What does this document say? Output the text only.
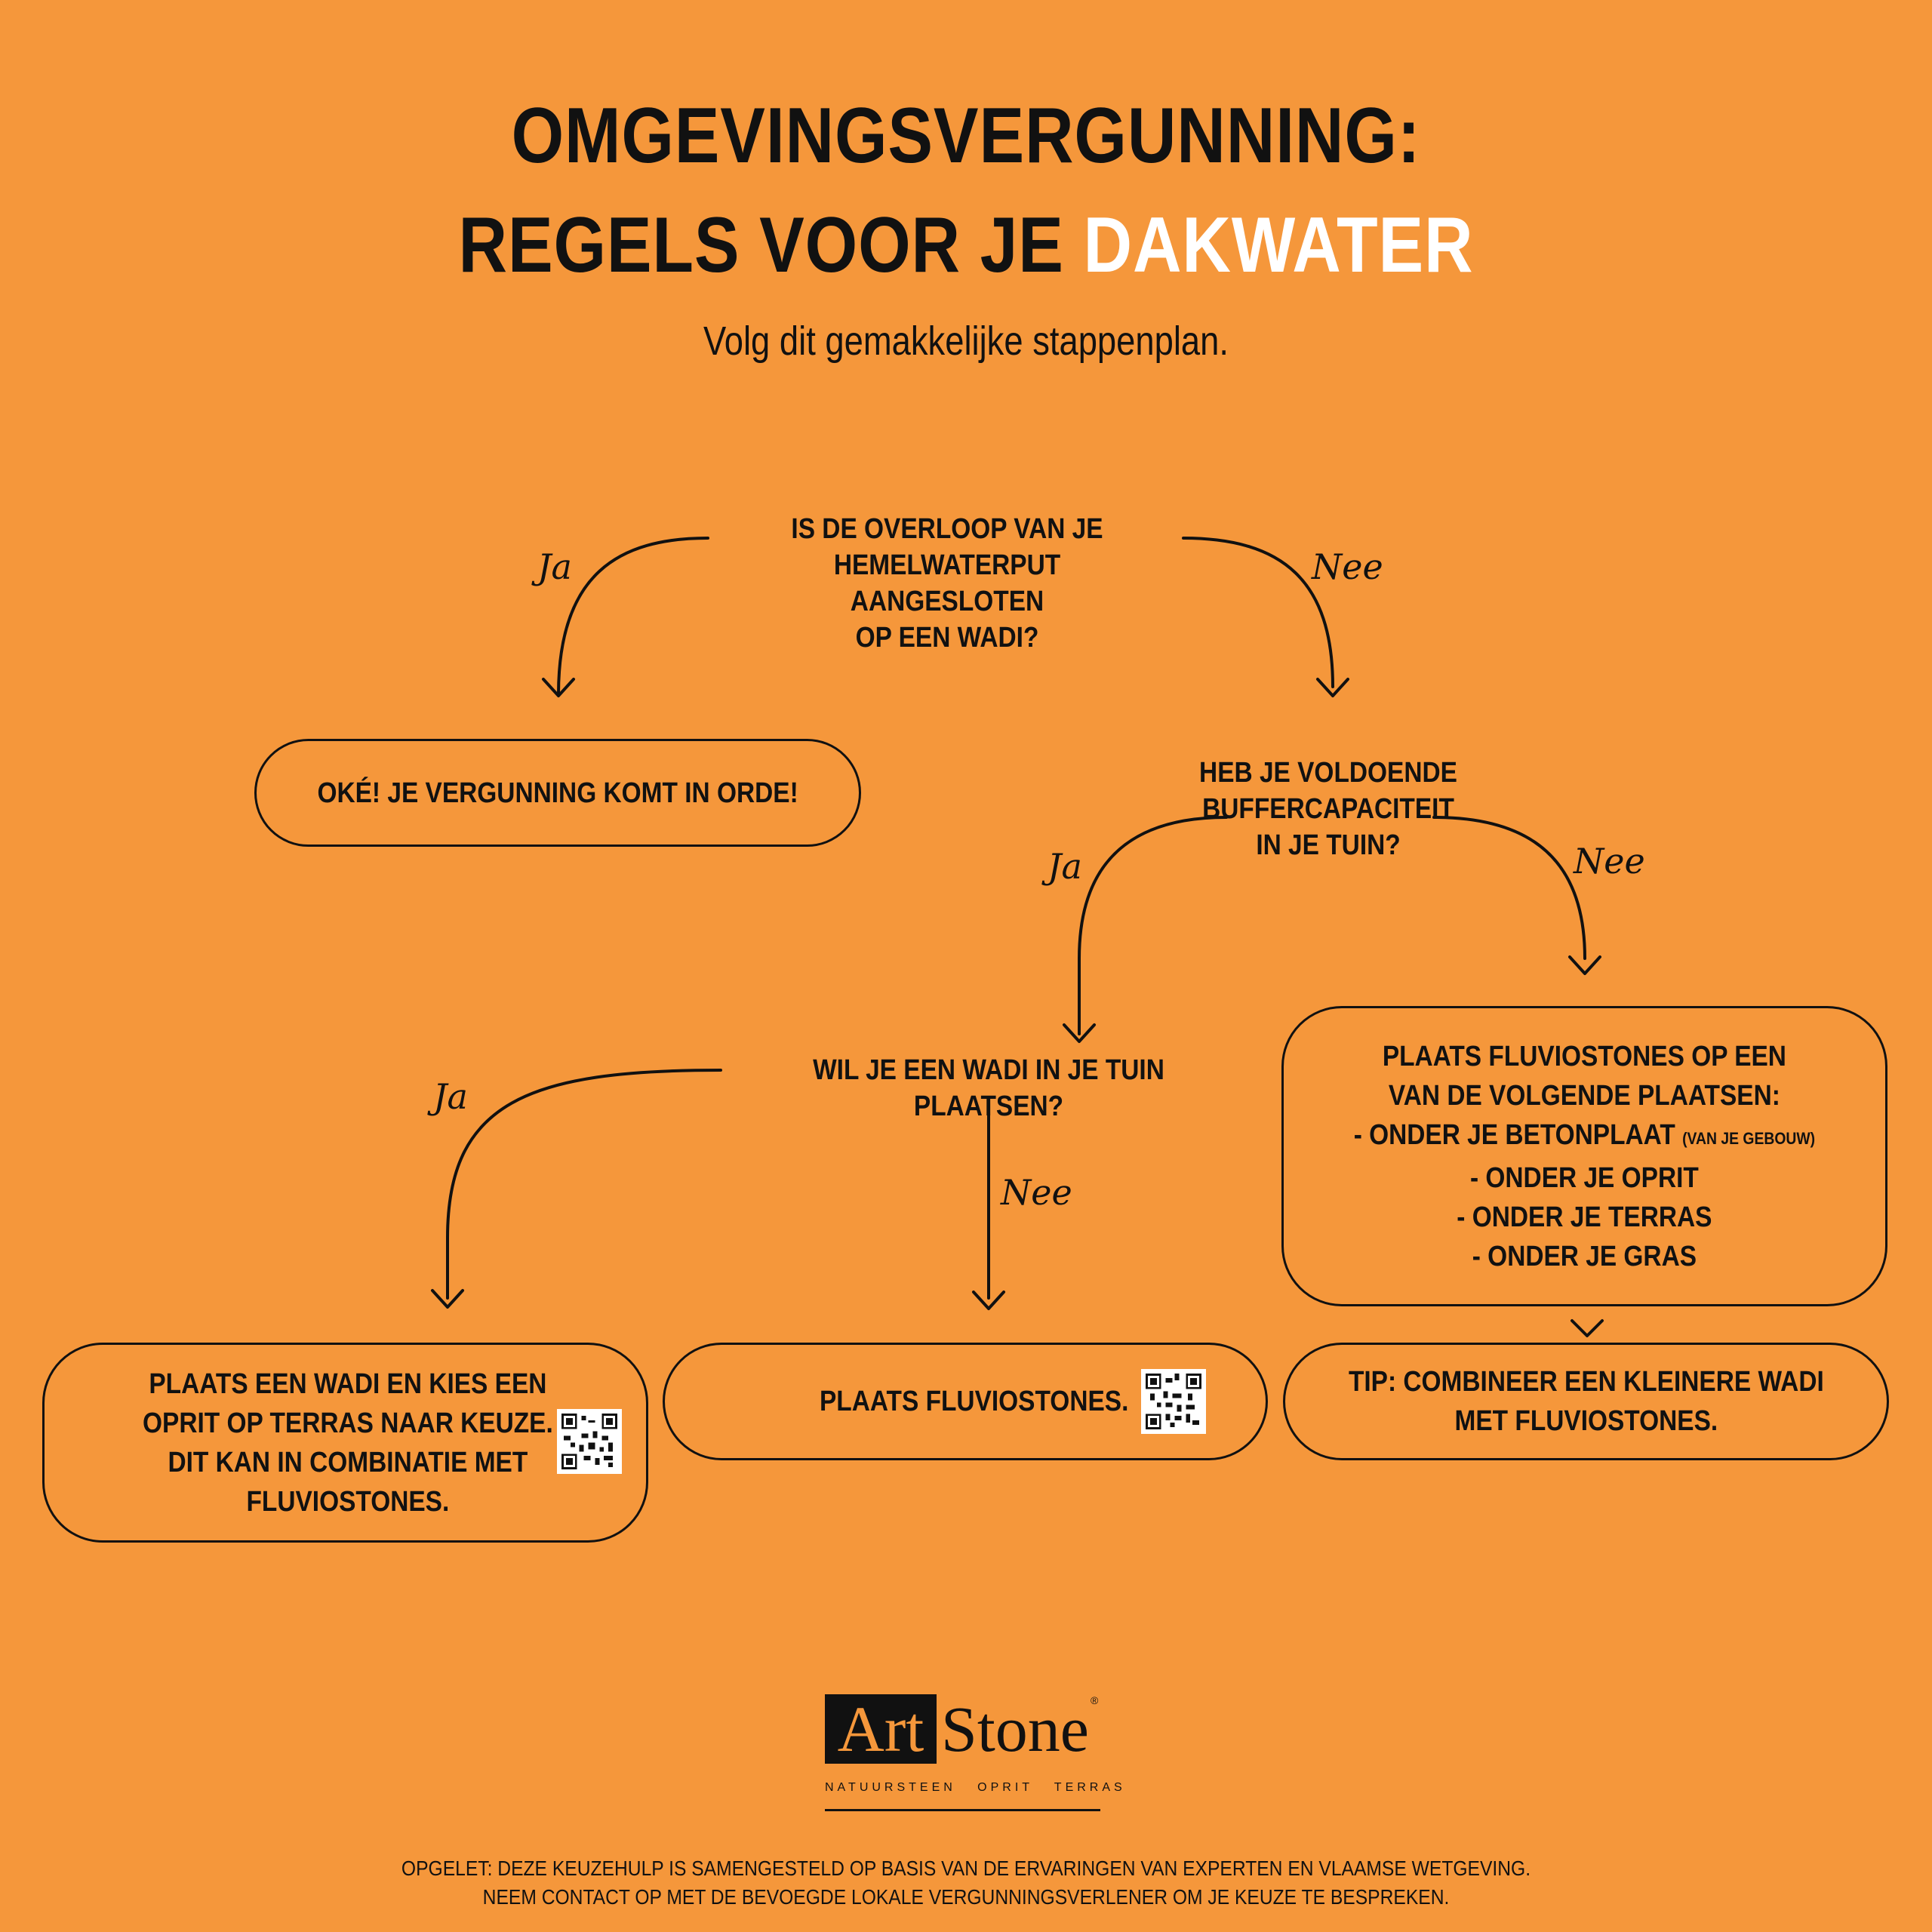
OMGEVINGSVERGUNNING:
REGELS VOOR JE DAKWATER
Volg dit gemakkelijke stappenplan.
Ja	Nee
Ja	Nee
Ja
Nee
IS DE OVERLOOP VAN JE
HEMELWATERPUT AANGESLOTEN
OP EEN WADI?
OKÉ! JE VERGUNNING KOMT IN ORDE!
HEB JE VOLDOENDE BUFFERCAPACITEIT
IN JE TUIN?
WIL JE EEN WADI IN JE TUIN PLAATSEN?
PLAATS FLUVIOSTONES OP EEN
VAN DE VOLGENDE PLAATSEN:
- ONDER JE BETONPLAAT (VAN JE GEBOUW)
- ONDER JE OPRIT
- ONDER JE TERRAS
- ONDER JE GRAS
PLAATS EEN WADI EN KIES EEN
OPRIT OP TERRAS NAAR KEUZE.
DIT KAN IN COMBINATIE MET
FLUVIOSTONES.
PLAATS FLUVIOSTONES.
TIP: COMBINEER EEN KLEINERE WADI
MET FLUVIOSTONES.
Art Stone ®
NATUURSTEEN   OPRIT   TERRAS
OPGELET: DEZE KEUZEHULP IS SAMENGESTELD OP BASIS VAN DE ERVARINGEN VAN EXPERTEN EN VLAAMSE WETGEVING.
NEEM CONTACT OP MET DE BEVOEGDE LOKALE VERGUNNINGSVERLENER OM JE KEUZE TE BESPREKEN.
